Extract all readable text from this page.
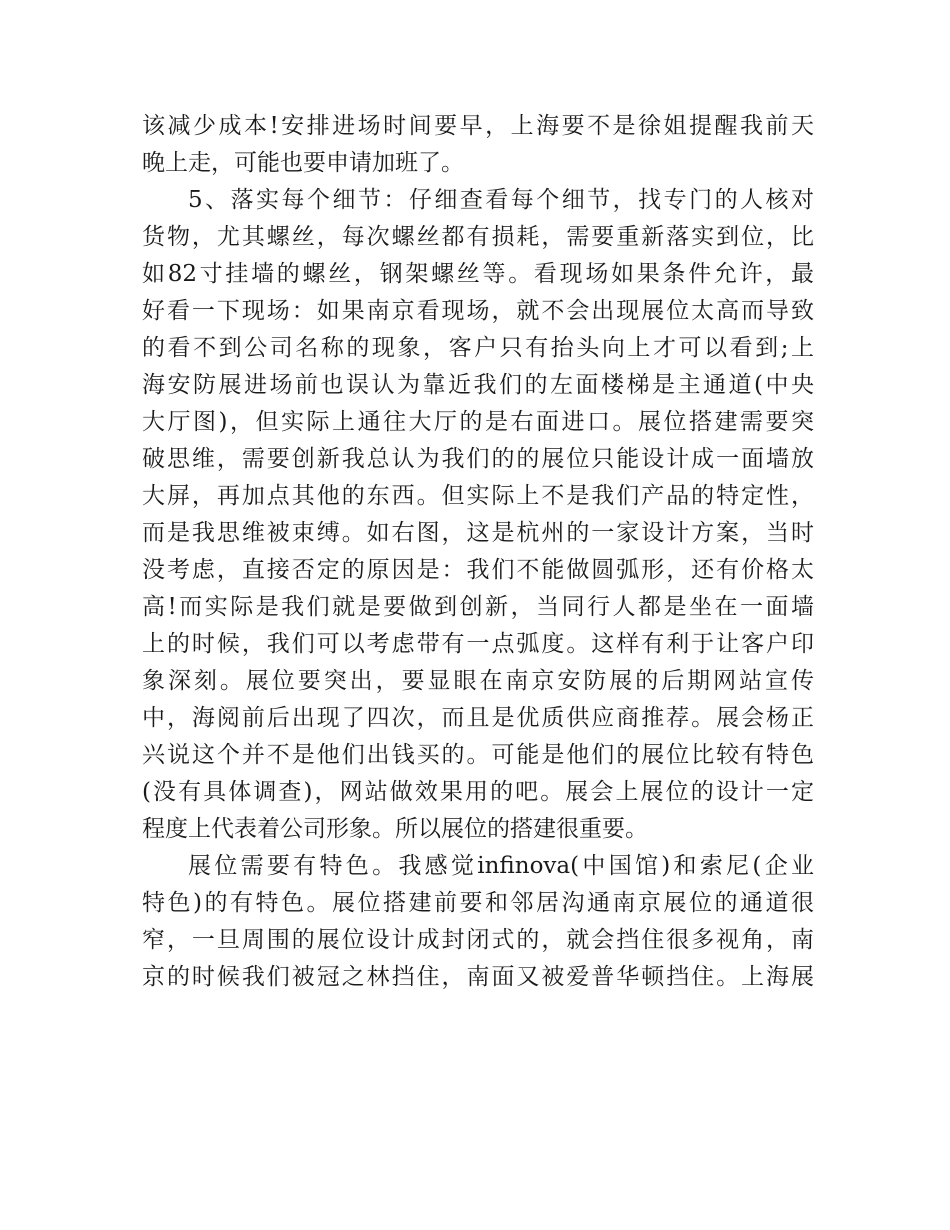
该减少成本!安排进场时间要早，上海要不是徐姐提醒我前天
晚上走，可能也要申请加班了。
5、落实每个细节：仔细查看每个细节，找专门的人核对
货物，尤其螺丝，每次螺丝都有损耗，需要重新落实到位，比
如82寸挂墙的螺丝，钢架螺丝等。看现场如果条件允许，最
好看一下现场：如果南京看现场，就不会出现展位太高而导致
的看不到公司名称的现象，客户只有抬头向上才可以看到;上
海安防展进场前也误认为靠近我们的左面楼梯是主通道(中央
大厅图)，但实际上通往大厅的是右面进口。展位搭建需要突
破思维，需要创新我总认为我们的的展位只能设计成一面墙放
大屏，再加点其他的东西。但实际上不是我们产品的特定性，
而是我思维被束缚。如右图，这是杭州的一家设计方案，当时
没考虑，直接否定的原因是：我们不能做圆弧形，还有价格太
高!而实际是我们就是要做到创新，当同行人都是坐在一面墙
上的时候，我们可以考虑带有一点弧度。这样有利于让客户印
象深刻。展位要突出，要显眼在南京安防展的后期网站宣传
中，海阅前后出现了四次，而且是优质供应商推荐。展会杨正
兴说这个并不是他们出钱买的。可能是他们的展位比较有特色
(没有具体调查)，网站做效果用的吧。展会上展位的设计一定
程度上代表着公司形象。所以展位的搭建很重要。
展位需要有特色。我感觉infinova(中国馆)和索尼(企业
特色)的有特色。展位搭建前要和邻居沟通南京展位的通道很
窄，一旦周围的展位设计成封闭式的，就会挡住很多视角，南
京的时候我们被冠之林挡住，南面又被爱普华顿挡住。上海展
